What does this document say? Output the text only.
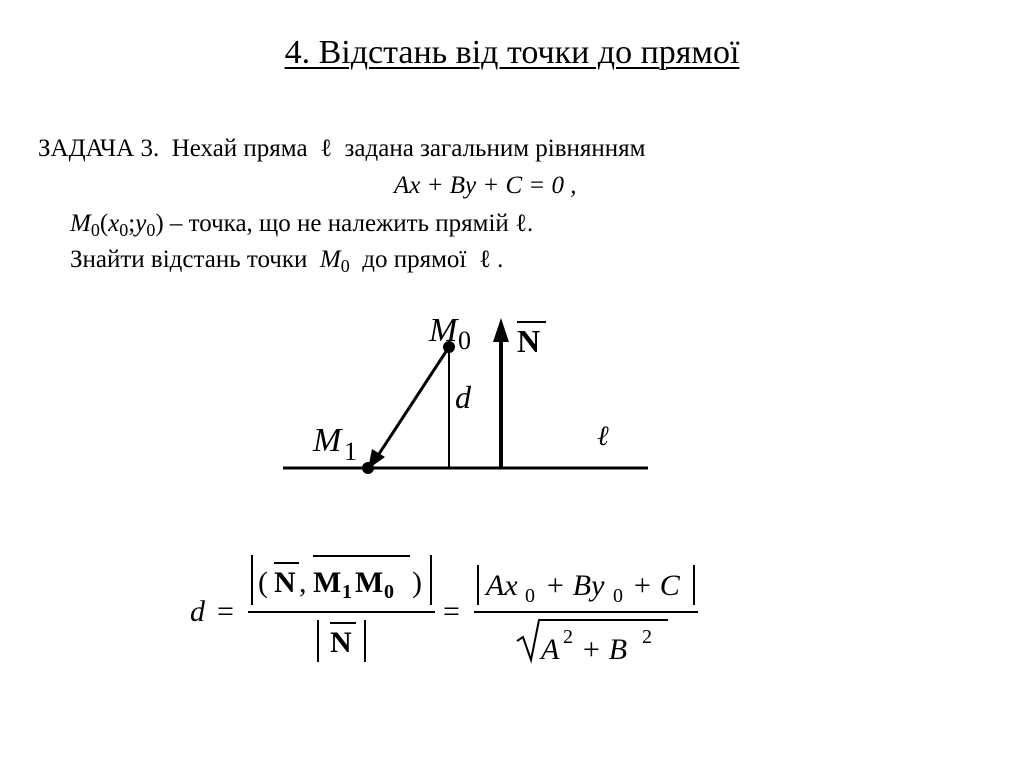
4. Відстань від точки до прямої
ЗАДАЧА 3. Нехай пряма ℓ задана загальним рівнянням
Ax + By + C = 0 ,
$M_0(x_0;y_0)$ – точка, що не належить прямій ℓ.
Знайти відстань точки $M_0$ до прямої ℓ .
M 0 N
d
M 1	ℓ
d =
( N , M 1 M 0 )
N
=
Ax 0 + By 0 + C
A 2 + B 2
